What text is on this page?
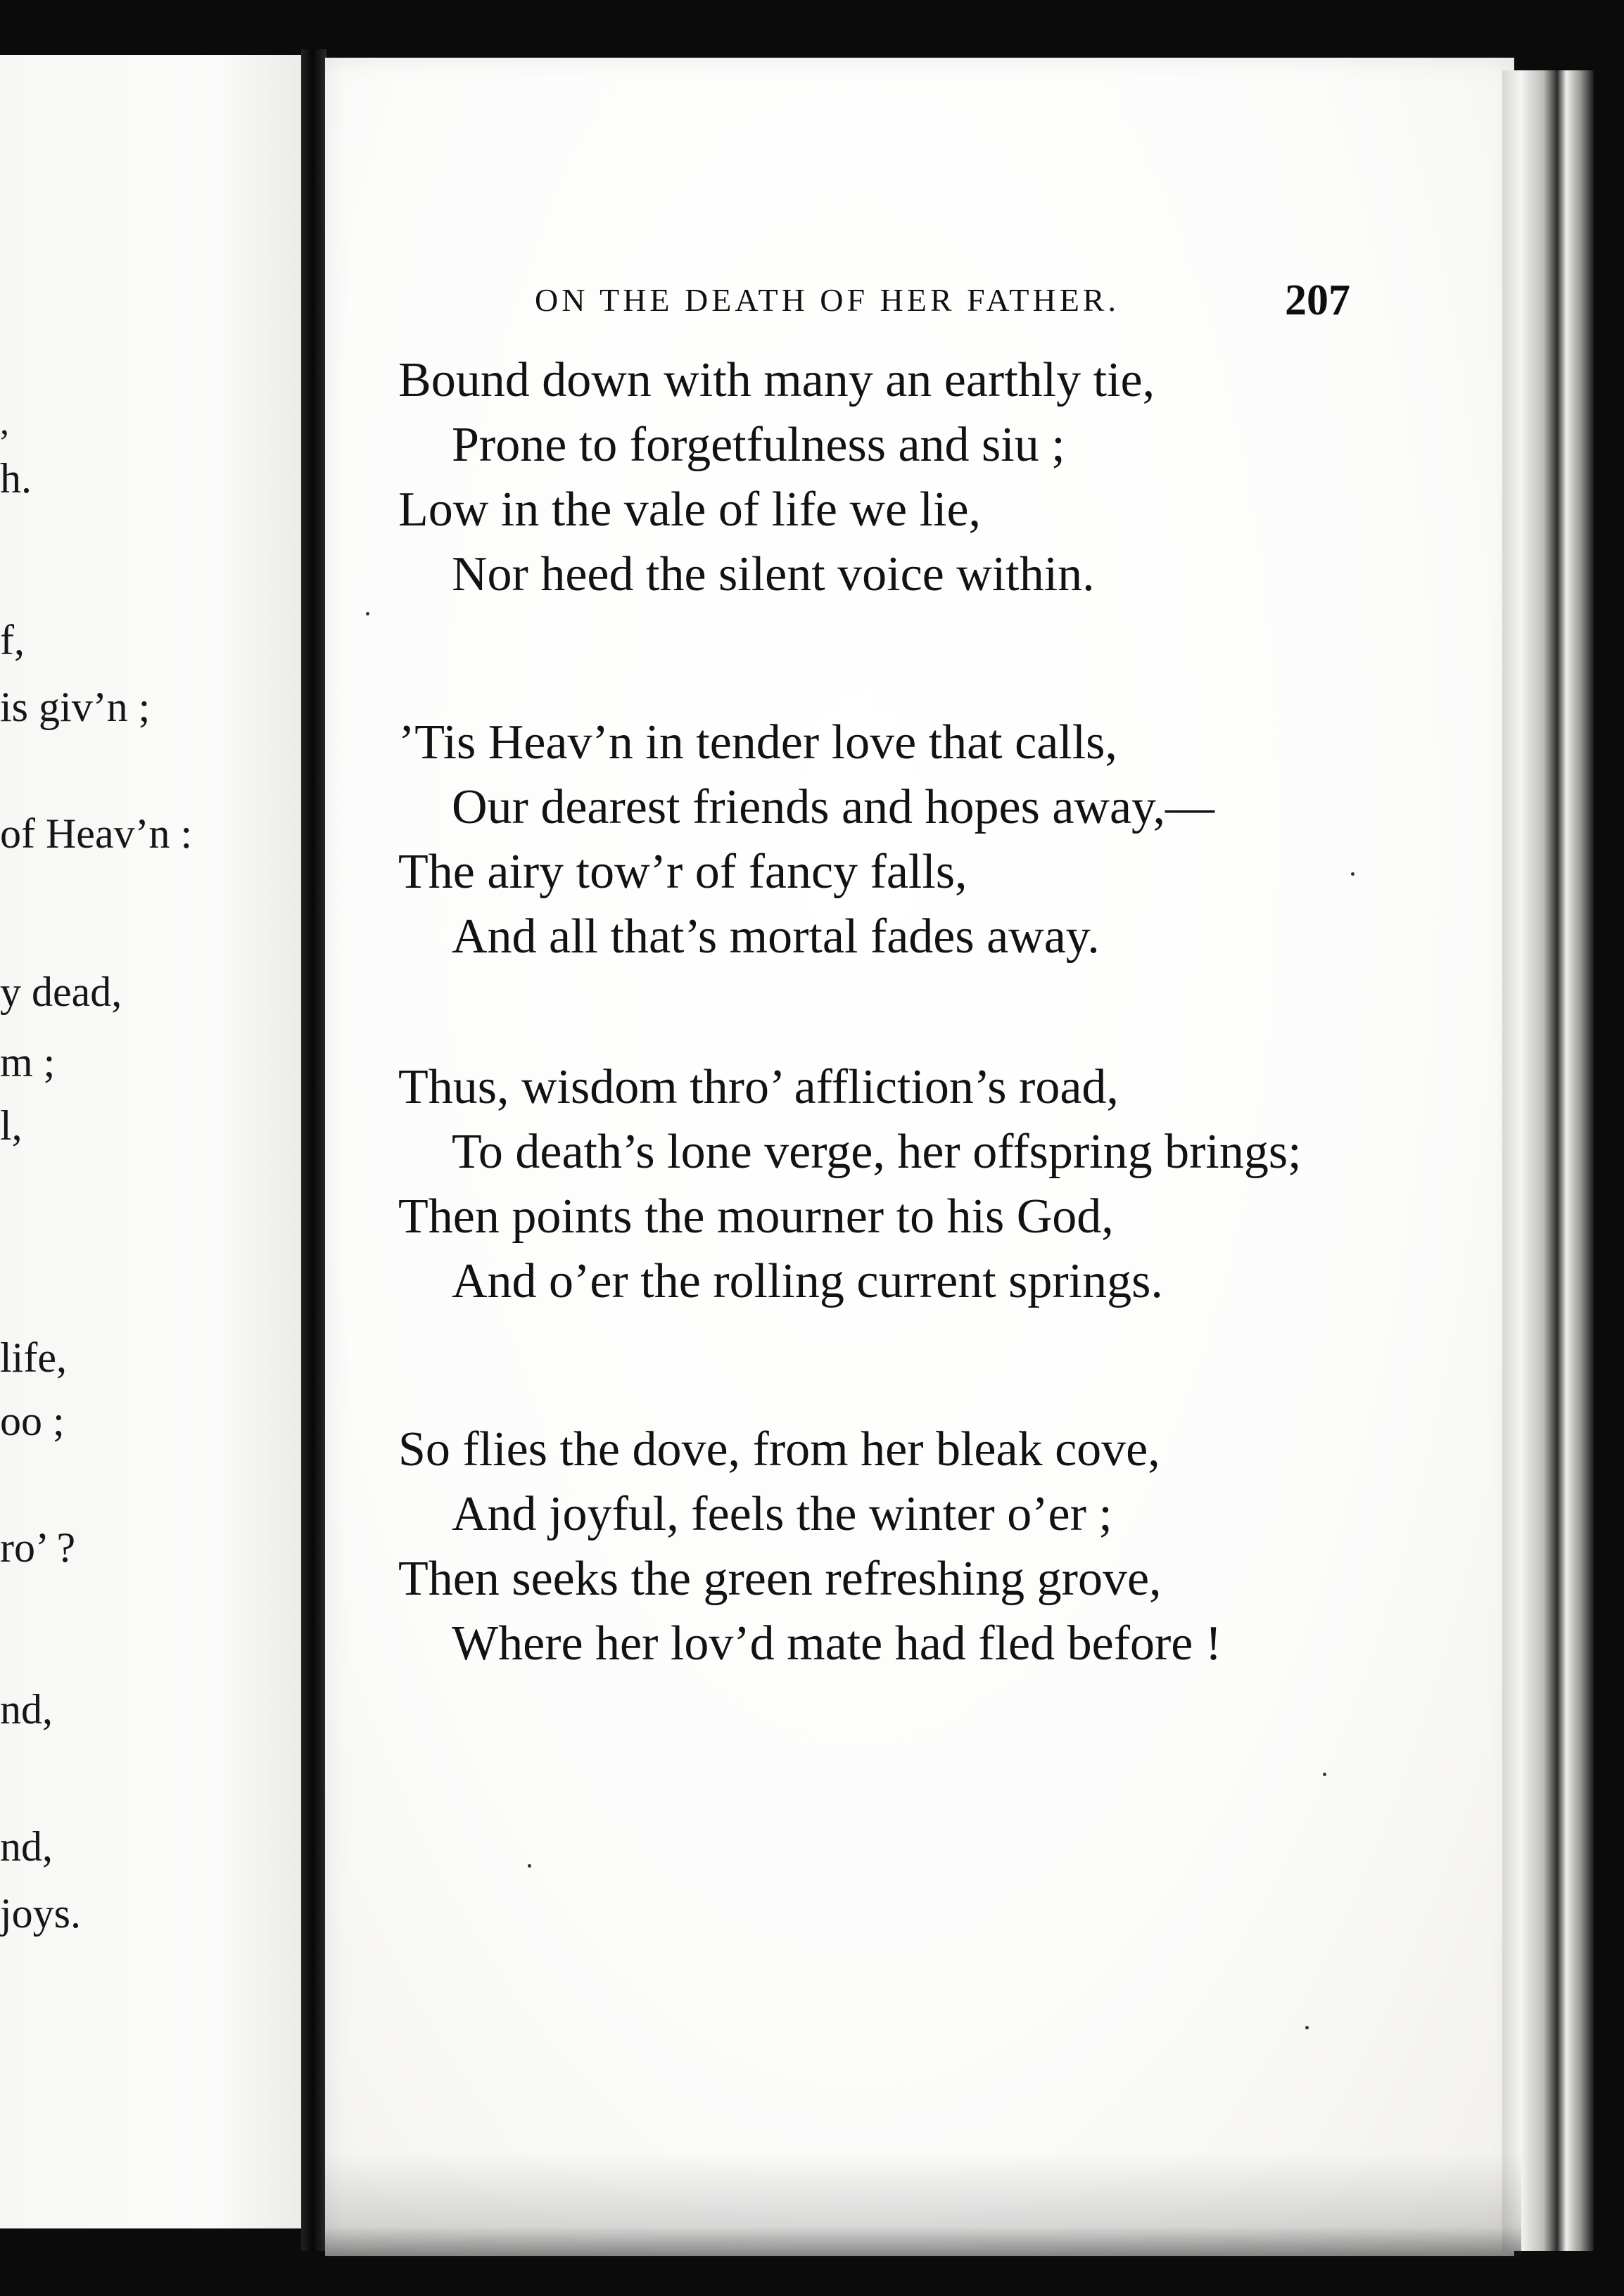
,
h.
f,
is giv’n ;
of Heav’n :
y dead,
m ;
l,
life,
oo ;
ro’ ?
nd,
nd,
joys.
ON THE DEATH OF HER FATHER.	207
Bound down with many an earthly tie,
Prone to forgetfulness and siu ;
Low in the vale of life we lie,
Nor heed the silent voice within.
’Tis Heav’n in tender love that calls,
Our dearest friends and hopes away,—
The airy tow’r of fancy falls,
And all that’s mortal fades away.
Thus, wisdom thro’ affliction’s road,
To death’s lone verge, her offspring brings;
Then points the mourner to his God,
And o’er the rolling current springs.
So flies the dove, from her bleak cove,
And joyful, feels the winter o’er ;
Then seeks the green refreshing grove,
Where her lov’d mate had fled before !
